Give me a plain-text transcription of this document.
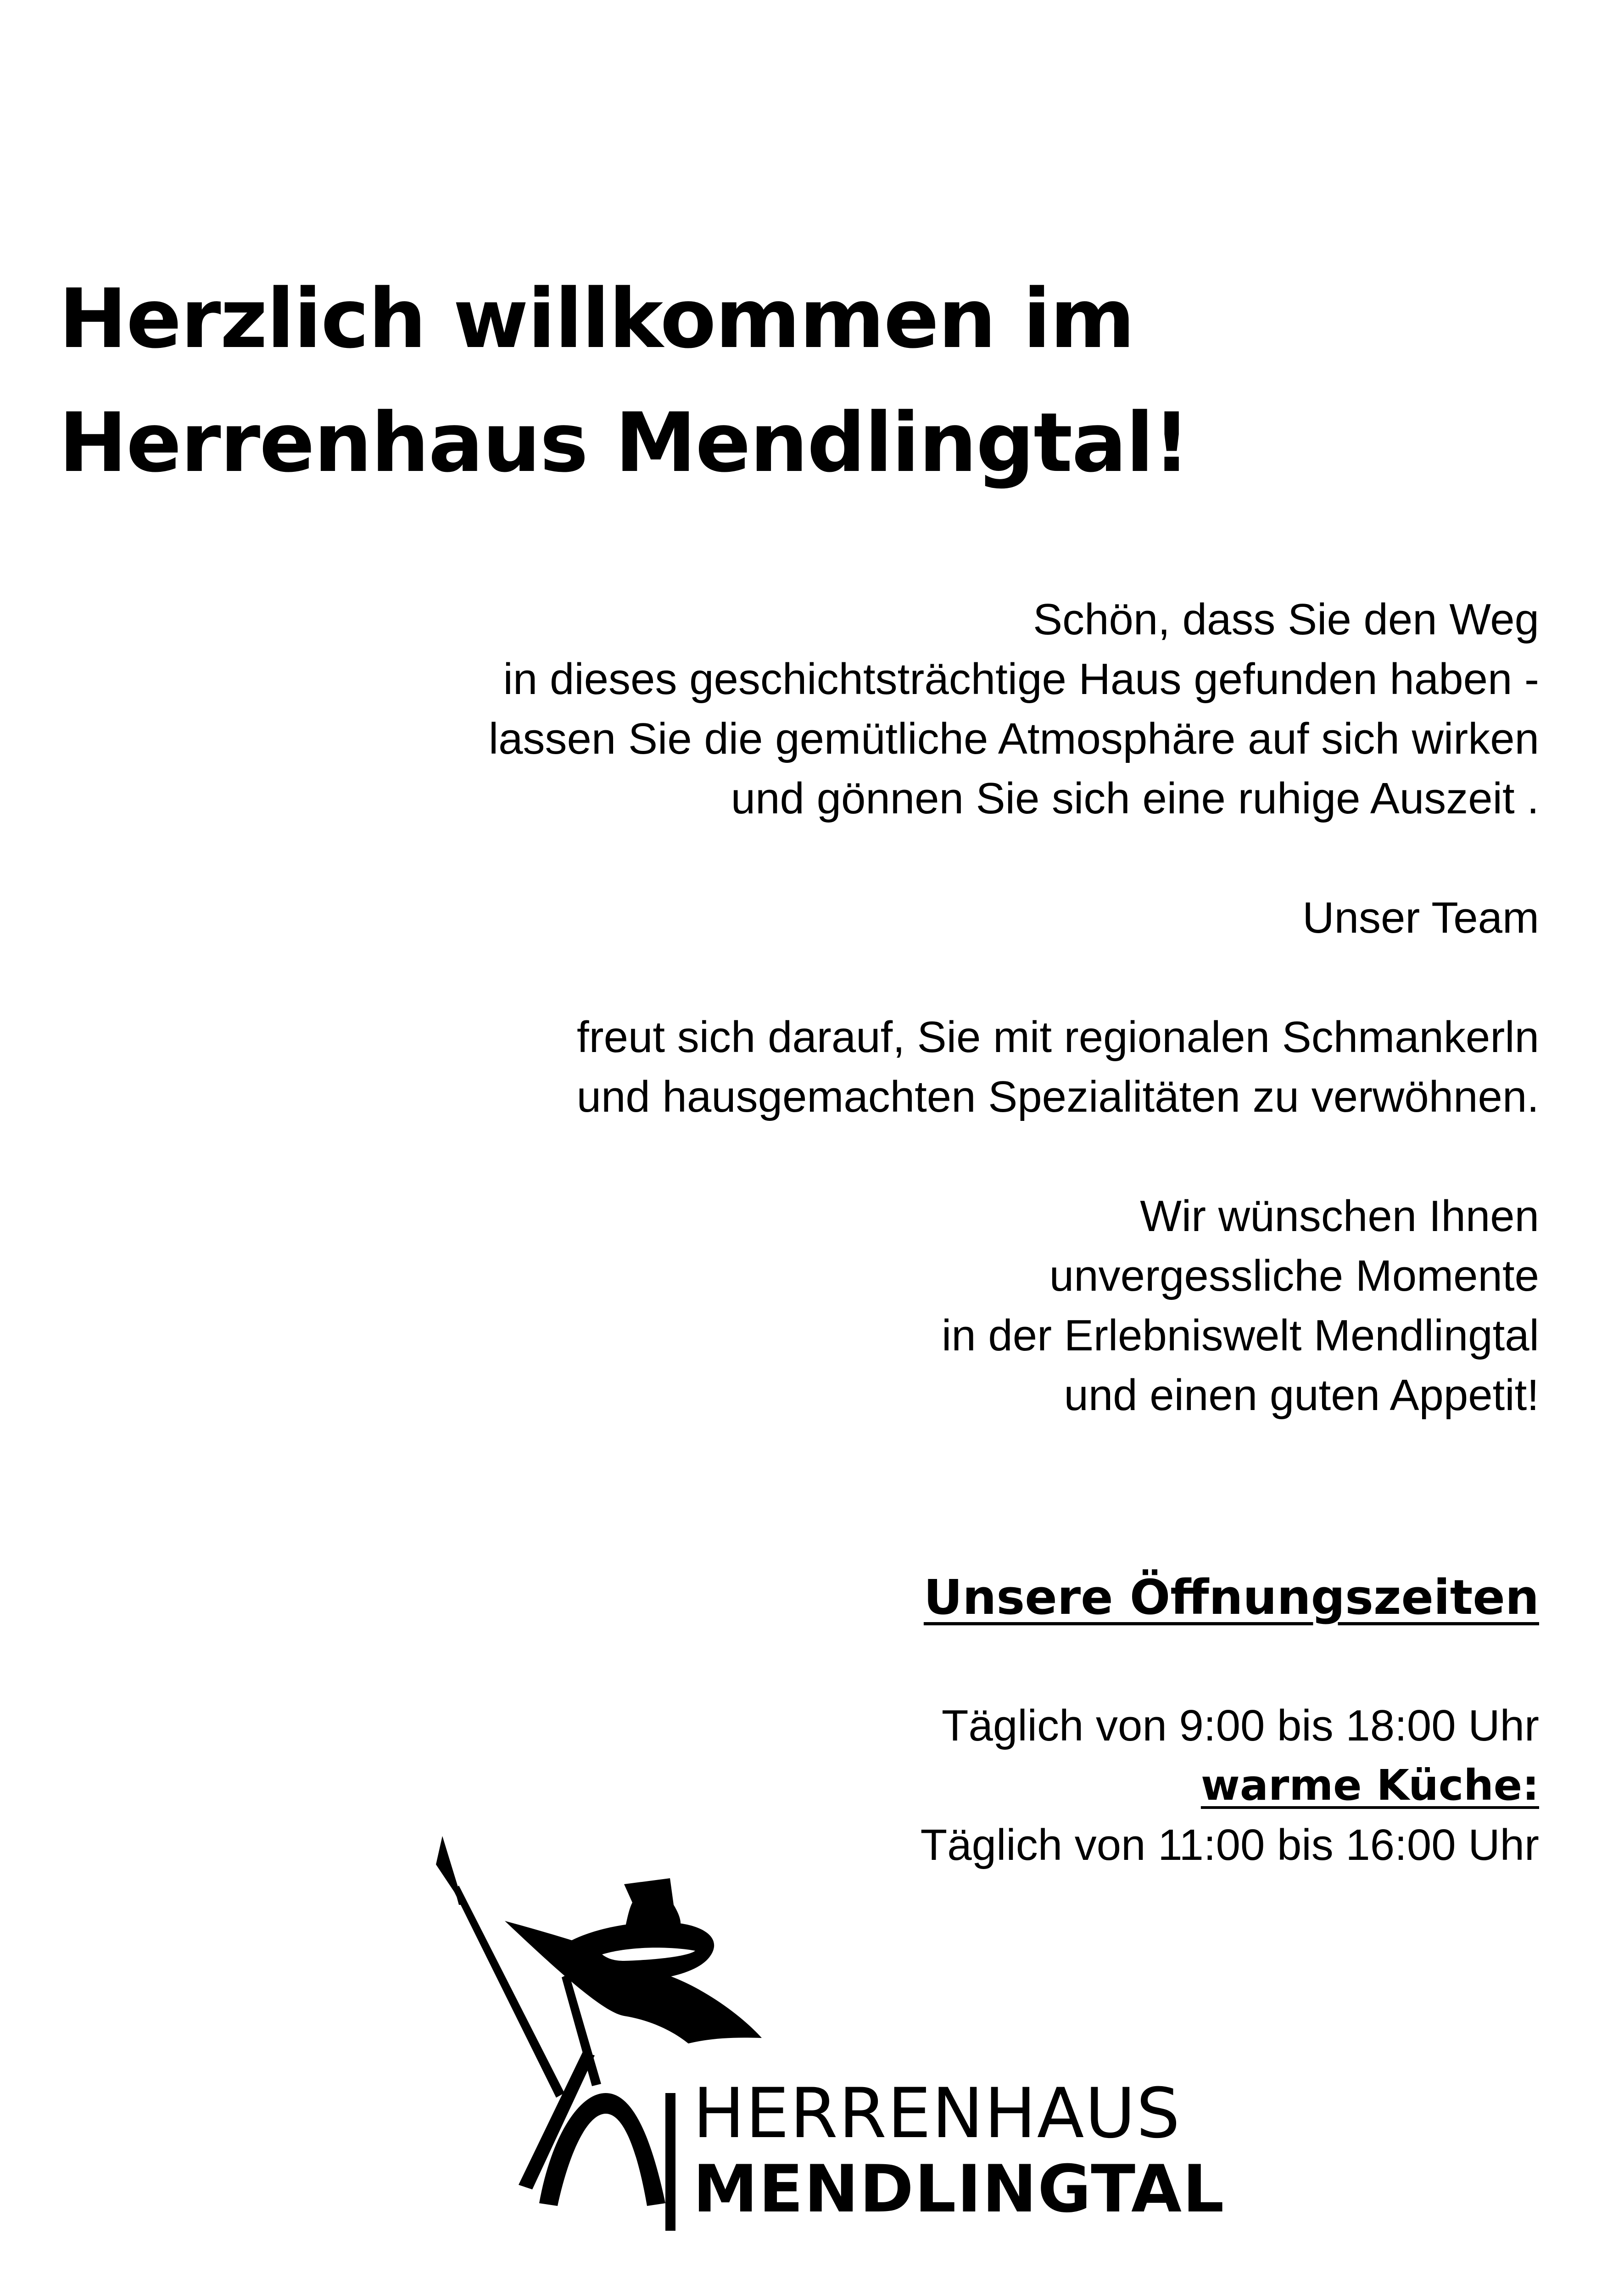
Herzlich willkommen im
Herrenhaus Mendlingtal!
Schön, dass Sie den Weg
in dieses geschichtsträchtige Haus gefunden haben -
lassen Sie die gemütliche Atmosphäre auf sich wirken
und gönnen Sie sich eine ruhige Auszeit .
Unser Team
freut sich darauf, Sie mit regionalen Schmankerln
und hausgemachten Spezialitäten zu verwöhnen.
Wir wünschen Ihnen
unvergessliche Momente
in der Erlebniswelt Mendlingtal
und einen guten Appetit!
Unsere Öffnungszeiten
Täglich von 9:00 bis 18:00 Uhr
warme Küche:
Täglich von 11:00 bis 16:00 Uhr
HERRENHAUS
MENDLINGTAL
